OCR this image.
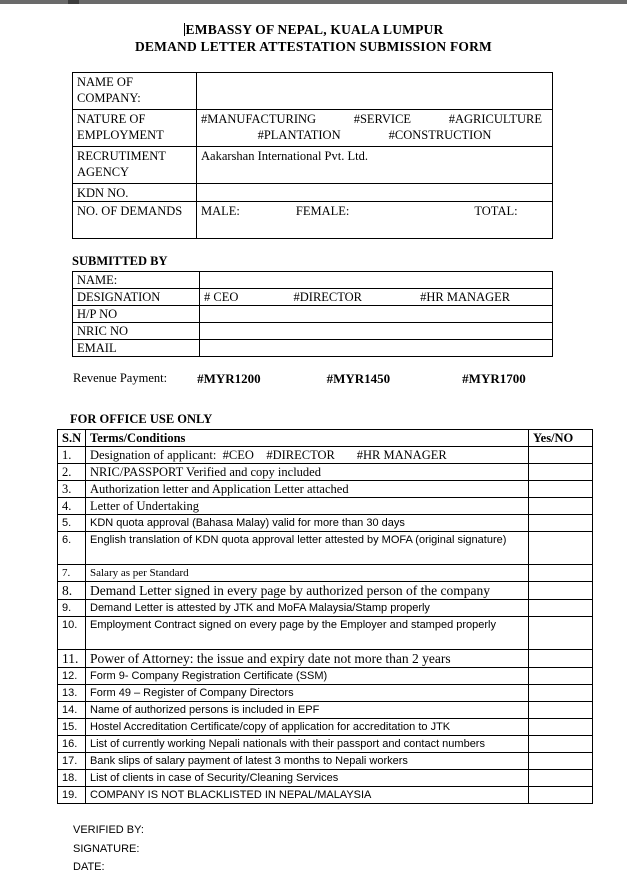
EMBASSY OF NEPAL, KUALA LUMPUR
DEMAND LETTER ATTESTATION SUBMISSION FORM
NAME OF COMPANY:	
NATURE OF EMPLOYMENT	#MANUFACTURING #SERVICE #AGRICULTURE
#PLANTATION #CONSTRUCTION

RECRUTIMENT AGENCY	Aakarshan International Pvt. Ltd.
KDN NO.	
NO. OF DEMANDS	MALE: FEMALE: TOTAL:
SUBMITTED BY
NAME:	
DESIGNATION	# CEO #DIRECTOR #HR MANAGER
H/P NO	
NRIC NO	
EMAIL	
Revenue Payment: #MYR1200	#MYR1450	#MYR1700
FOR OFFICE USE ONLY
S.N	Terms/Conditions	Yes/NO
1.	Designation of applicant:  #CEO    #DIRECTOR       #HR MANAGER	
2.	NRIC/PASSPORT Verified and copy included	
3.	Authorization letter and Application Letter attached	
4.	Letter of Undertaking	
5.	KDN quota approval (Bahasa Malay) valid for more than 30 days	
6.	English translation of KDN quota approval letter attested by MOFA (original signature)	
7.	Salary as per Standard	
8.	Demand Letter signed in every page by authorized person of the company	
9.	Demand Letter is attested by JTK and MoFA Malaysia/Stamp properly	
10.	Employment Contract signed on every page by the Employer and stamped properly	
11.	Power of Attorney: the issue and expiry date not more than 2 years	
12.	Form 9- Company Registration Certificate (SSM)	
13.	Form 49 – Register of Company Directors	
14.	Name of authorized persons is included in EPF	
15.	Hostel Accreditation Certificate/copy of application for accreditation to JTK	
16.	List of currently working Nepali nationals with their passport and contact numbers	
17.	Bank slips of salary payment of latest 3 months to Nepali workers	
18.	List of clients in case of Security/Cleaning Services	
19.	COMPANY IS NOT BLACKLISTED IN NEPAL/MALAYSIA	
VERIFIED BY:
SIGNATURE:
DATE:
